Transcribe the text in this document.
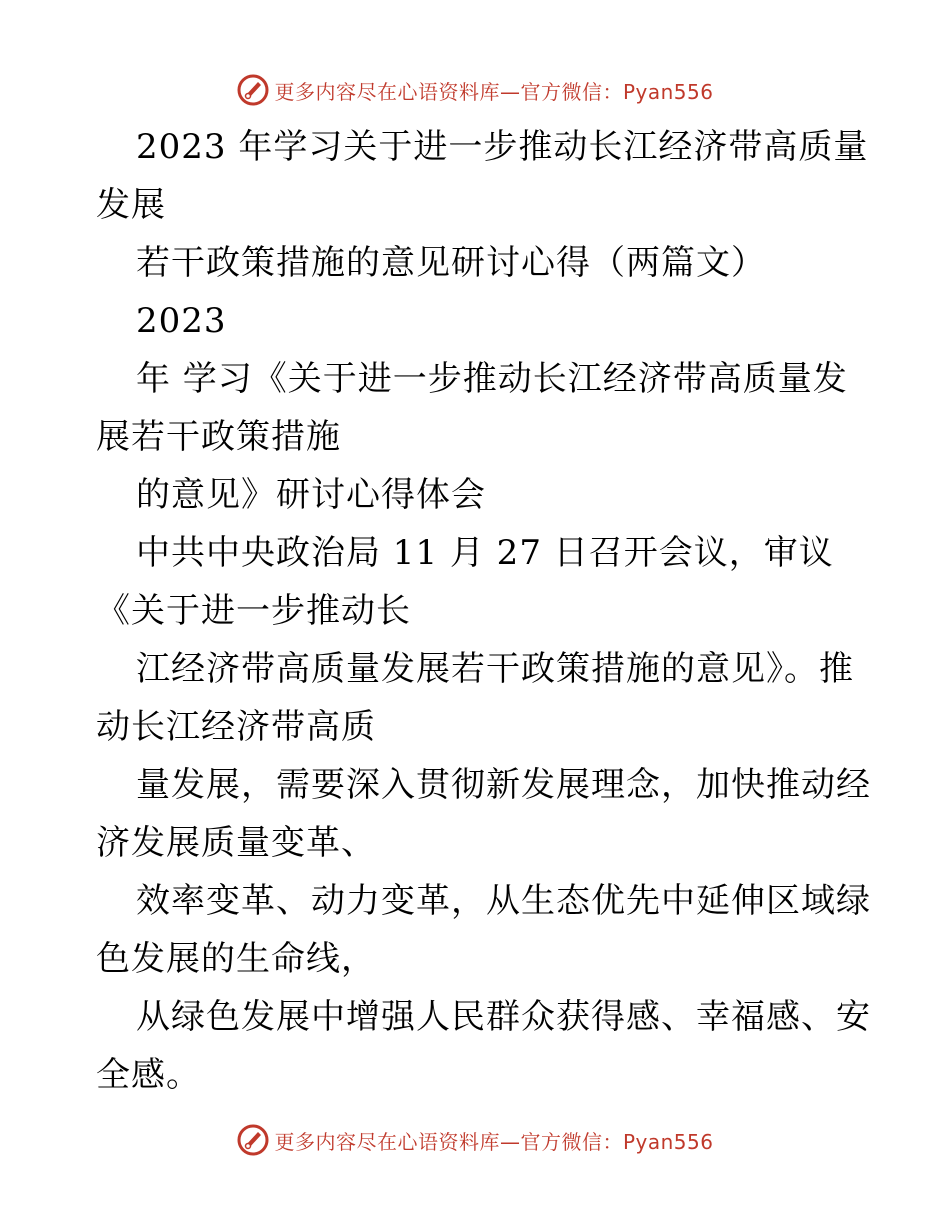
更多内容尽在心语资料库—官方微信：Pyan556
2023 年学习关于进一步推动长江经济带高质量
发展
若干政策措施的意见研讨心得（两篇文）
2023
年 学习《关于进一步推动长江经济带高质量发
展若干政策措施
的意见》研讨心得体会
中共中央政治局 11 月 27 日召开会议，审议
《关于进一步推动长
江经济带高质量发展若干政策措施的意见》。推
动长江经济带高质
量发展，需要深入贯彻新发展理念，加快推动经
济发展质量变革、
效率变革、动力变革，从生态优先中延伸区域绿
色发展的生命线，
从绿色发展中增强人民群众获得感、幸福感、安
全感。
更多内容尽在心语资料库—官方微信：Pyan556
